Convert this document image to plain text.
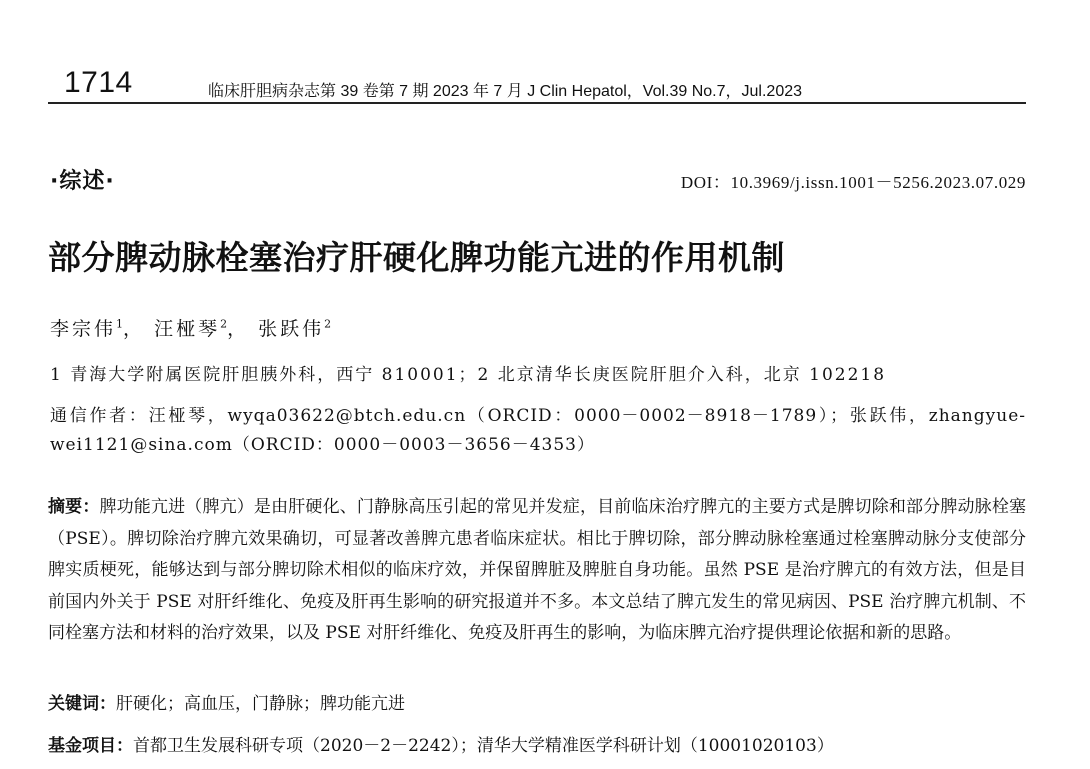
1714	临床肝胆病杂志第 39 卷第 7 期 2023 年 7 月 J Clin Hepatol，Vol.39 No.7，Jul.2023
·综述·	DOI：10.3969/j.issn.1001－5256.2023.07.029
部分脾动脉栓塞治疗肝硬化脾功能亢进的作用机制
李宗伟$^1$， 汪桠琴$^2$， 张跃伟$^2$
1 青海大学附属医院肝胆胰外科，西宁 810001；2 北京清华长庚医院肝胆介入科，北京 102218
通信作者：汪桠琴，wyqa03622@btch.edu.cn（ORCID：0000－0002－8918－1789）；张跃伟，zhangyue-wei1121@sina.com（ORCID：0000－0003－3656－4353）
摘要：脾功能亢进（脾亢）是由肝硬化、门静脉高压引起的常见并发症，目前临床治疗脾亢的主要方式是脾切除和部分脾动脉栓塞（PSE）。脾切除治疗脾亢效果确切，可显著改善脾亢患者临床症状。相比于脾切除，部分脾动脉栓塞通过栓塞脾动脉分支使部分脾实质梗死，能够达到与部分脾切除术相似的临床疗效，并保留脾脏及脾脏自身功能。虽然 PSE 是治疗脾亢的有效方法，但是目前国内外关于 PSE 对肝纤维化、免疫及肝再生影响的研究报道并不多。本文总结了脾亢发生的常见病因、PSE 治疗脾亢机制、不同栓塞方法和材料的治疗效果，以及 PSE 对肝纤维化、免疫及肝再生的影响，为临床脾亢治疗提供理论依据和新的思路。
关键词：肝硬化；高血压，门静脉；脾功能亢进
基金项目：首都卫生发展科研专项（2020－2－2242）；清华大学精准医学科研计划（10001020103）
